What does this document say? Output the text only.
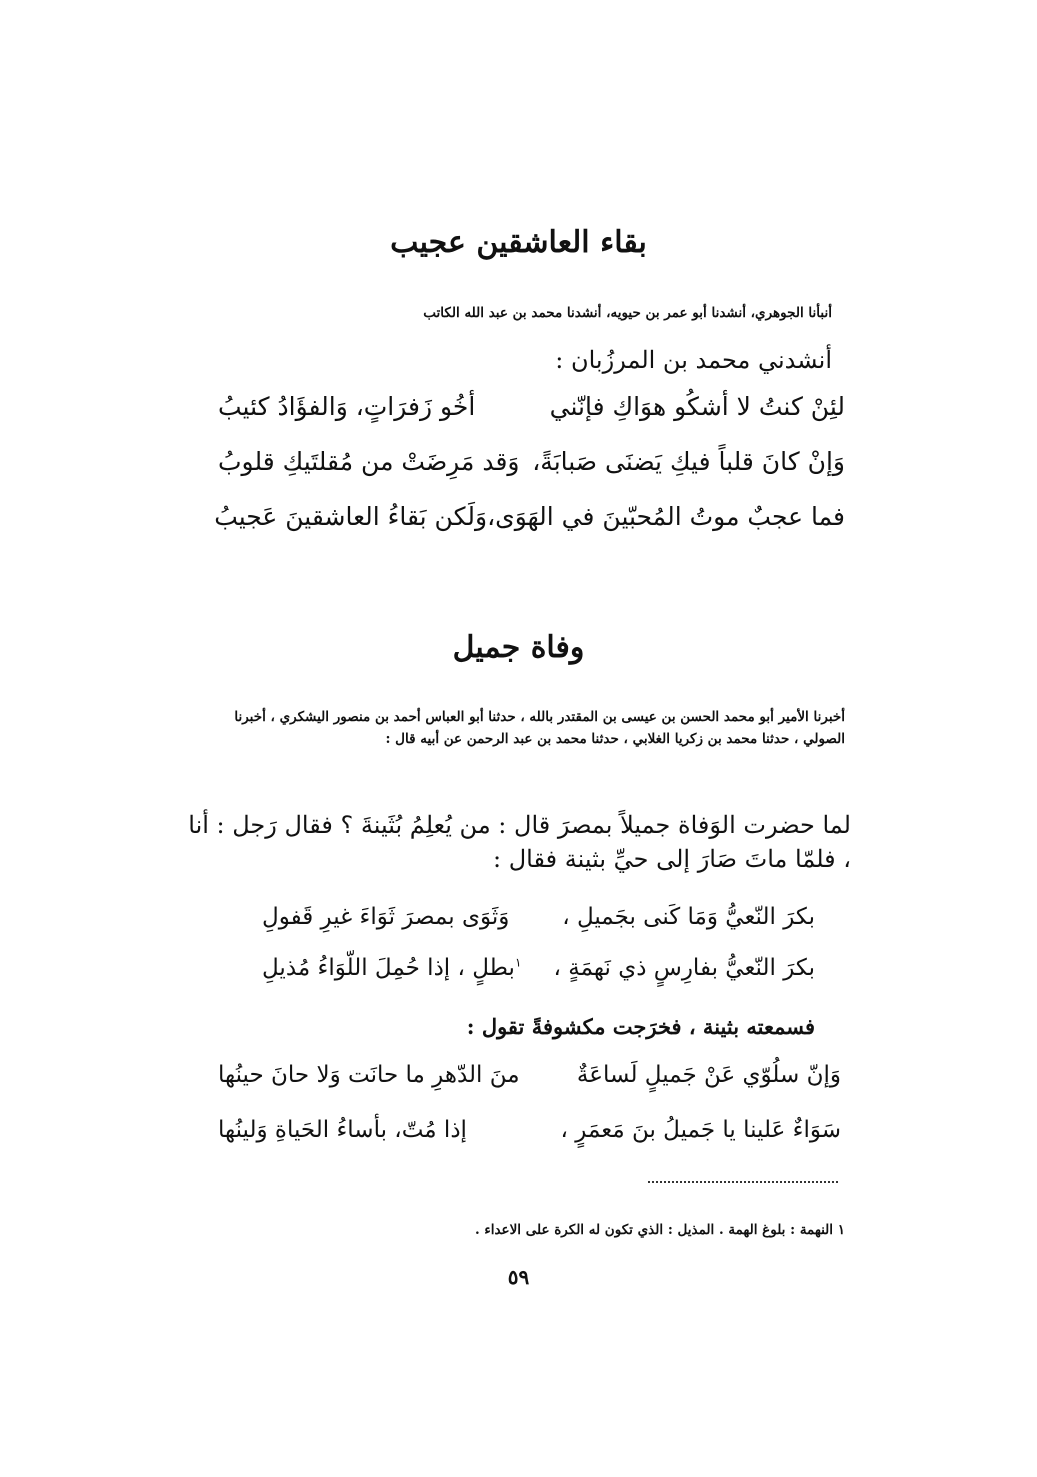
بقاء العاشقين عجيب
أنبأنا الجوهري، أنشدنا أبو عمر بن حيويه، أنشدنا محمد بن عبد الله الكاتب
أنشدني محمد بن المرزُبان :
لئِنْ كنتُ لا أشكُو هوَاكِ فإنّني
أخُو زَفرَاتٍ، وَالفؤَادُ كئيبُ
وَإنْ كانَ قلباً فيكِ يَضنَى صَبابَةً،
وَقد مَرِضَتْ من مُقلتَيكِ قلوبُ
فما عجبٌ موتُ المُحبّينَ في الهَوَى،
وَلَكن بَقاءُ العاشقينَ عَجيبُ
وفاة جميل
أخبرنا الأمير أبو محمد الحسن بن عيسى بن المقتدر بالله ، حدثنا أبو العباس أحمد بن منصور اليشكري ، أخبرنا الصولي ، حدثنا محمد بن زكريا الغلابي ، حدثنا محمد بن عبد الرحمن عن أبيه قال :
لما حضرت الوَفاة جميلاً بمصرَ قال : من يُعلِمُ بُثَينةَ ؟ فقال رَجل : أنا ، فلمّا ماتَ صَارَ إلى حيِّ بثينة فقال :
بكرَ النّعيُّ وَمَا كَنى بجَميلِ ،
وَثَوَى بمصرَ ثَوَاءَ غيرِ قَفولِ
بكرَ النّعيُّ بفارِسٍ ذي نَهمَةٍ ،
$^١$بطلٍ ، إذا حُمِلَ اللّوَاءُ مُذيلِ
فسمعته بثينة ، فخرَجت مكشوفةً تقول :
وَإنّ سلُوّي عَنْ جَميلٍ لَساعَةٌ
منَ الدّهرِ ما حانَت وَلا حانَ حينُها
سَوَاءٌ عَلينا يا جَميلُ بنَ مَعمَرٍ ،
إذا مُتّ، بأساءُ الحَياةِ وَلينُها
١ النهمة : بلوغ الهمة . المذيل : الذي تكون له الكرة على الاعداء .
٥٩
